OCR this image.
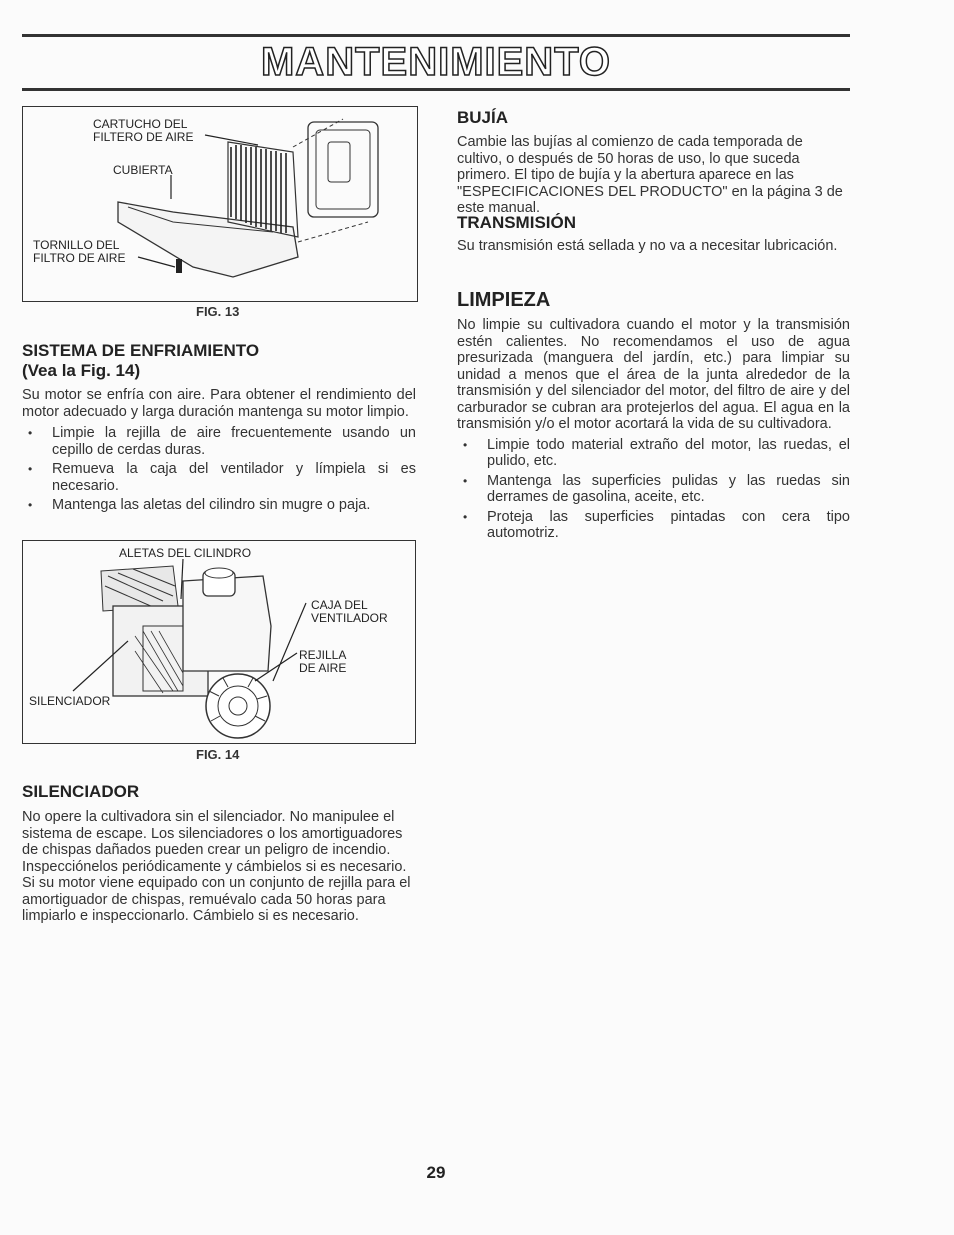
MANTENIMIENTO
CARTUCHO DEL
FILTERO DE AIRE
CUBIERTA
TORNILLO DEL
FILTRO DE AIRE
FIG. 13
SISTEMA DE ENFRIAMIENTO
(Vea la Fig. 14)

Su motor se enfría con aire. Para obtener el rendimiento del motor adecuado y larga duración mantenga su motor limpio.

• Limpie la rejilla de aire frecuentemente usando un cepillo de cerdas duras.
• Remueva la caja del ventilador y límpiela si es necesario.
• Mantenga las aletas del cilindro sin mugre o paja.
ALETAS DEL CILINDRO
CAJA DEL
VENTILADOR
REJILLA
DE AIRE
SILENCIADOR
FIG. 14
SILENCIADOR

No opere la cultivadora sin el silenciador. No manipulee el sistema de escape. Los silenciadores o los amortiguadores de chispas dañados pueden crear un peligro de incendio. Inspecciónelos periódicamente y cámbielos si es necesario. Si su motor viene equipado con un conjunto de rejilla para el amortiguador de chispas, remuévalo cada 50 horas para limpiarlo e inspeccionarlo. Cámbielo si es necesario.

BUJÍA

Cambie las bujías al comienzo de cada temporada de cultivo, o después de 50 horas de uso, lo que suceda primero. El tipo de bujía y la abertura aparece en las "ESPECIFICACIONES DEL PRODUCTO" en la página 3 de este manual.

TRANSMISIÓN

Su transmisión está sellada y no va a necesitar lubricación.

LIMPIEZA

No limpie su cultivadora cuando el motor y la transmisión estén calientes. No recomendamos el uso de agua presurizada (manguera del jardín, etc.) para limpiar su unidad a menos que el área de la junta alrededor de la transmisión y del silenciador del motor, del filtro de aire y del carburador se cubran ara protejerlos del agua. El agua en la transmisión y/o el motor acortará la vida de su cultivadora.

• Limpie todo material extraño del motor, las ruedas, el pulido, etc.
• Mantenga las superficies pulidas y las ruedas sin derrames de gasolina, aceite, etc.
• Proteja las superficies pintadas con cera tipo automotriz.
29
